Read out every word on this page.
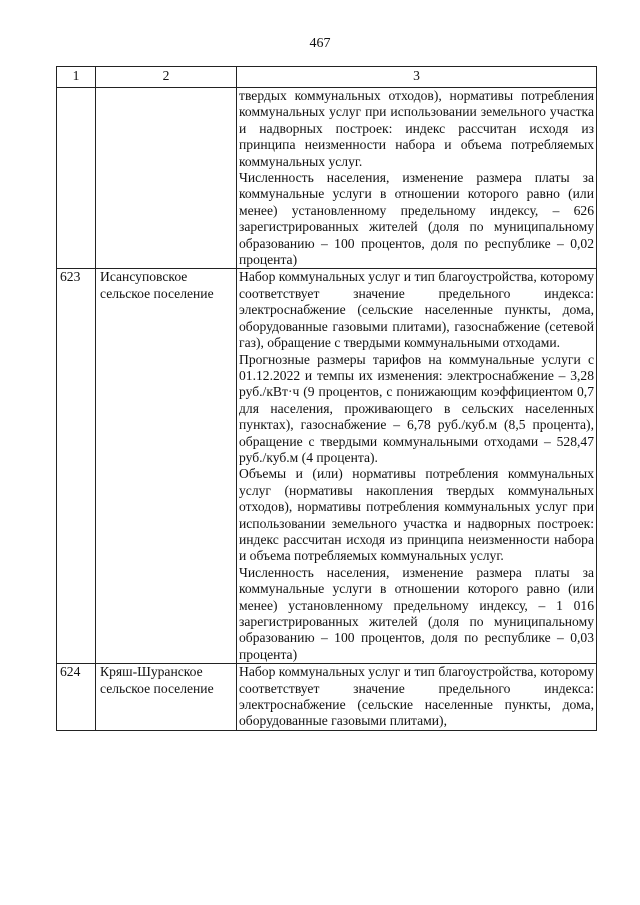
467
1	2	3

		твердых коммунальных отходов), нормативы потребления коммунальных услуг при использовании земельного участка и надворных построек: индекс рассчитан исходя из принципа неизменности набора и объема потребляемых коммунальных услуг.
Численность населения, изменение размера платы за коммунальные услуги в отношении которого равно (или менее) установленному предельному индексу, – 626 зарегистрированных жителей (доля по муниципальному образованию – 100 процентов, доля по республике – 0,02 процента)

623	Исансуповское сельское поселение	Набор коммунальных услуг и тип благоустройства, которому соответствует значение предельного индекса: электроснабжение (сельские населенные пункты, дома, оборудованные газовыми плитами), газоснабжение (сетевой газ), обращение с твердыми коммунальными отходами.
Прогнозные размеры тарифов на коммунальные услуги с 01.12.2022 и темпы их изменения: электроснабжение – 3,28 руб./кВт·ч (9 процентов, с понижающим коэффициентом 0,7 для населения, проживающего в сельских населенных пунктах), газоснабжение – 6,78 руб./куб.м (8,5 процента), обращение с твердыми коммунальными отходами – 528,47 руб./куб.м (4 процента).
Объемы и (или) нормативы потребления коммунальных услуг (нормативы накопления твердых коммунальных отходов), нормативы потребления коммунальных услуг при использовании земельного участка и надворных построек: индекс рассчитан исходя из принципа неизменности набора и объема потребляемых коммунальных услуг.
Численность населения, изменение размера платы за коммунальные услуги в отношении которого равно (или менее) установленному предельному индексу, – 1 016 зарегистрированных жителей (доля по муниципальному образованию – 100 процентов, доля по республике – 0,03 процента)

624	Кряш-Шуранское сельское поселение	Набор коммунальных услуг и тип благоустройства, которому соответствует значение предельного индекса: электроснабжение (сельские населенные пункты, дома, оборудованные газовыми плитами),
